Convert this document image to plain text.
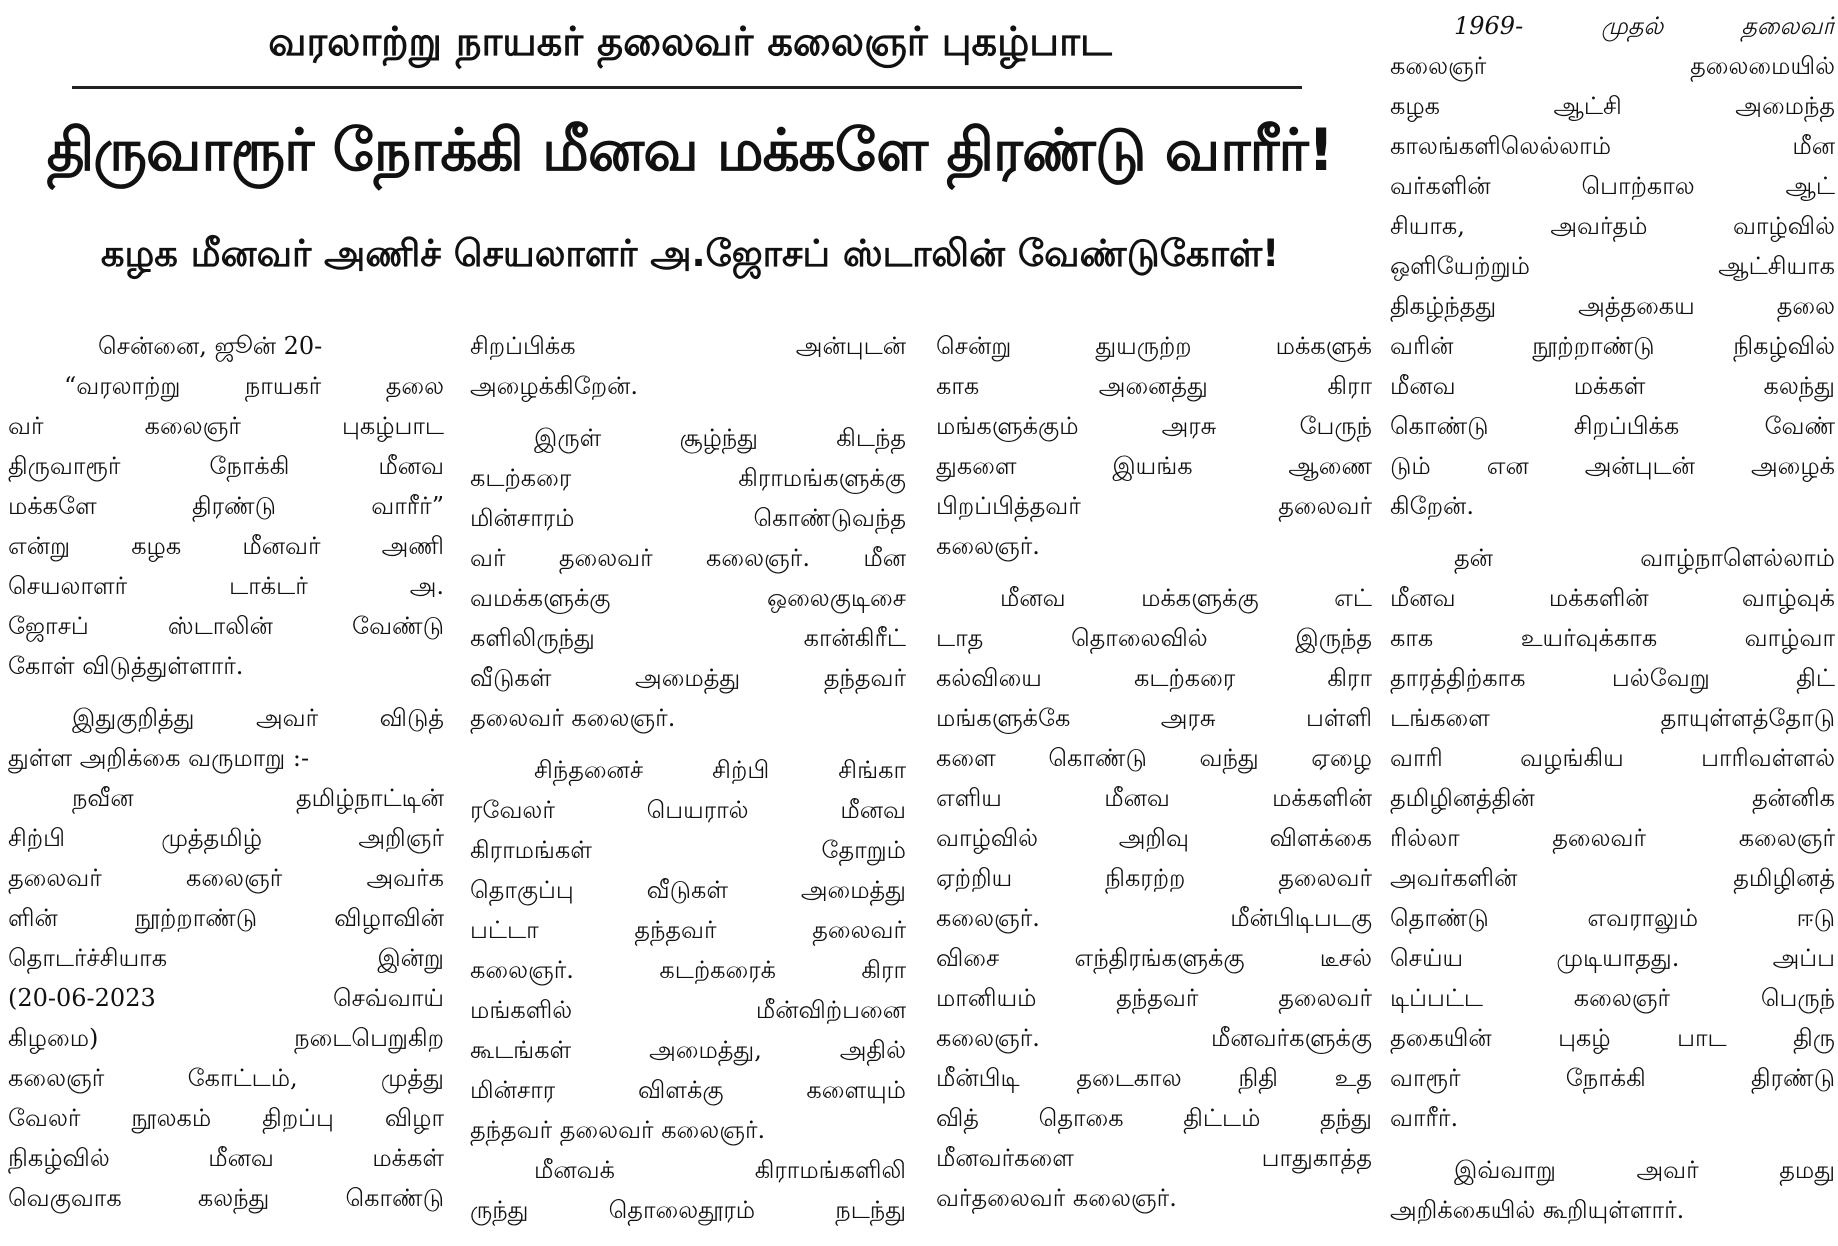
வரலாற்று நாயகர் தலைவர் கலைஞர் புகழ்பாட
திருவாரூர் நோக்கி மீனவ மக்களே திரண்டு வாரீர்!
கழக மீனவர் அணிச் செயலாளர் அ.ஜோசப் ஸ்டாலின் வேண்டுகோள்!
சென்னை, ஜூன் 20-
“வரலாற்று நாயகர் தலை
வர் கலைஞர் புகழ்பாட
திருவாரூர் நோக்கி மீனவ
மக்களே திரண்டு வாரீர்”
என்று கழக மீனவர் அணி
செயலாளர் டாக்டர் அ.
ஜோசப் ஸ்டாலின் வேண்டு
கோள் விடுத்துள்ளார்.
இதுகுறித்து அவர் விடுத்
துள்ள அறிக்கை வருமாறு :-
நவீன தமிழ்நாட்டின்
சிற்பி முத்தமிழ் அறிஞர்
தலைவர் கலைஞர் அவர்க
ளின் நூற்றாண்டு விழாவின்
தொடர்ச்சியாக இன்று
(20-06-2023 செவ்வாய்
கிழமை) நடைபெறுகிற
கலைஞர் கோட்டம், முத்து
வேலர் நூலகம் திறப்பு விழா
நிகழ்வில் மீனவ மக்கள்
வெகுவாக கலந்து கொண்டு
சிறப்பிக்க அன்புடன்
அழைக்கிறேன்.
இருள் சூழ்ந்து கிடந்த
கடற்கரை கிராமங்களுக்கு
மின்சாரம் கொண்டுவந்த
வர் தலைவர் கலைஞர். மீன
வமக்களுக்கு ஒலைகுடிசை
களிலிருந்து கான்கிரீட்
வீடுகள் அமைத்து தந்தவர்
தலைவர் கலைஞர்.
சிந்தனைச் சிற்பி சிங்கா
ரவேலர் பெயரால் மீனவ
கிராமங்கள் தோறும்
தொகுப்பு வீடுகள் அமைத்து
பட்டா தந்தவர் தலைவர்
கலைஞர். கடற்கரைக் கிரா
மங்களில் மீன்விற்பனை
கூடங்கள் அமைத்து, அதில்
மின்சார விளக்கு களையும்
தந்தவர் தலைவர் கலைஞர்.
மீனவக் கிராமங்களிலி
ருந்து தொலைதூரம் நடந்து
சென்று துயருற்ற மக்களுக்
காக அனைத்து கிரா
மங்களுக்கும் அரசு பேருந்
துகளை இயங்க ஆணை
பிறப்பித்தவர் தலைவர்
கலைஞர்.
மீனவ மக்களுக்கு எட்
டாத தொலைவில் இருந்த
கல்வியை கடற்கரை கிரா
மங்களுக்கே அரசு பள்ளி
களை கொண்டு வந்து ஏழை
எளிய மீனவ மக்களின்
வாழ்வில் அறிவு விளக்கை
ஏற்றிய நிகரற்ற தலைவர்
கலைஞர். மீன்பிடிபடகு
விசை எந்திரங்களுக்கு டீசல்
மானியம் தந்தவர் தலைவர்
கலைஞர். மீனவர்களுக்கு
மீன்பிடி தடைகால நிதி உத
வித் தொகை திட்டம் தந்து
மீனவர்களை பாதுகாத்த
வர்தலைவர் கலைஞர்.
1969- முதல் தலைவர்
கலைஞர் தலைமையில்
கழக ஆட்சி அமைந்த
காலங்களிலெல்லாம் மீன
வர்களின் பொற்கால ஆட்
சியாக, அவர்தம் வாழ்வில்
ஒளியேற்றும் ஆட்சியாக
திகழ்ந்தது அத்தகைய தலை
வரின் நூற்றாண்டு நிகழ்வில்
மீனவ மக்கள் கலந்து
கொண்டு சிறப்பிக்க வேண்
டும் என அன்புடன் அழைக்
கிறேன்.
தன் வாழ்நாளெல்லாம்
மீனவ மக்களின் வாழ்வுக்
காக உயர்வுக்காக வாழ்வா
தாரத்திற்காக பல்வேறு திட்
டங்களை தாயுள்ளத்தோடு
வாரி வழங்கிய பாரிவள்ளல்
தமிழினத்தின் தன்னிக
ரில்லா தலைவர் கலைஞர்
அவர்களின் தமிழினத்
தொண்டு எவராலும் ஈடு
செய்ய முடியாதது. அப்ப
டிப்பட்ட கலைஞர் பெருந்
தகையின் புகழ் பாட திரு
வாரூர் நோக்கி திரண்டு
வாரீர்.
இவ்வாறு அவர் தமது
அறிக்கையில் கூறியுள்ளார்.
